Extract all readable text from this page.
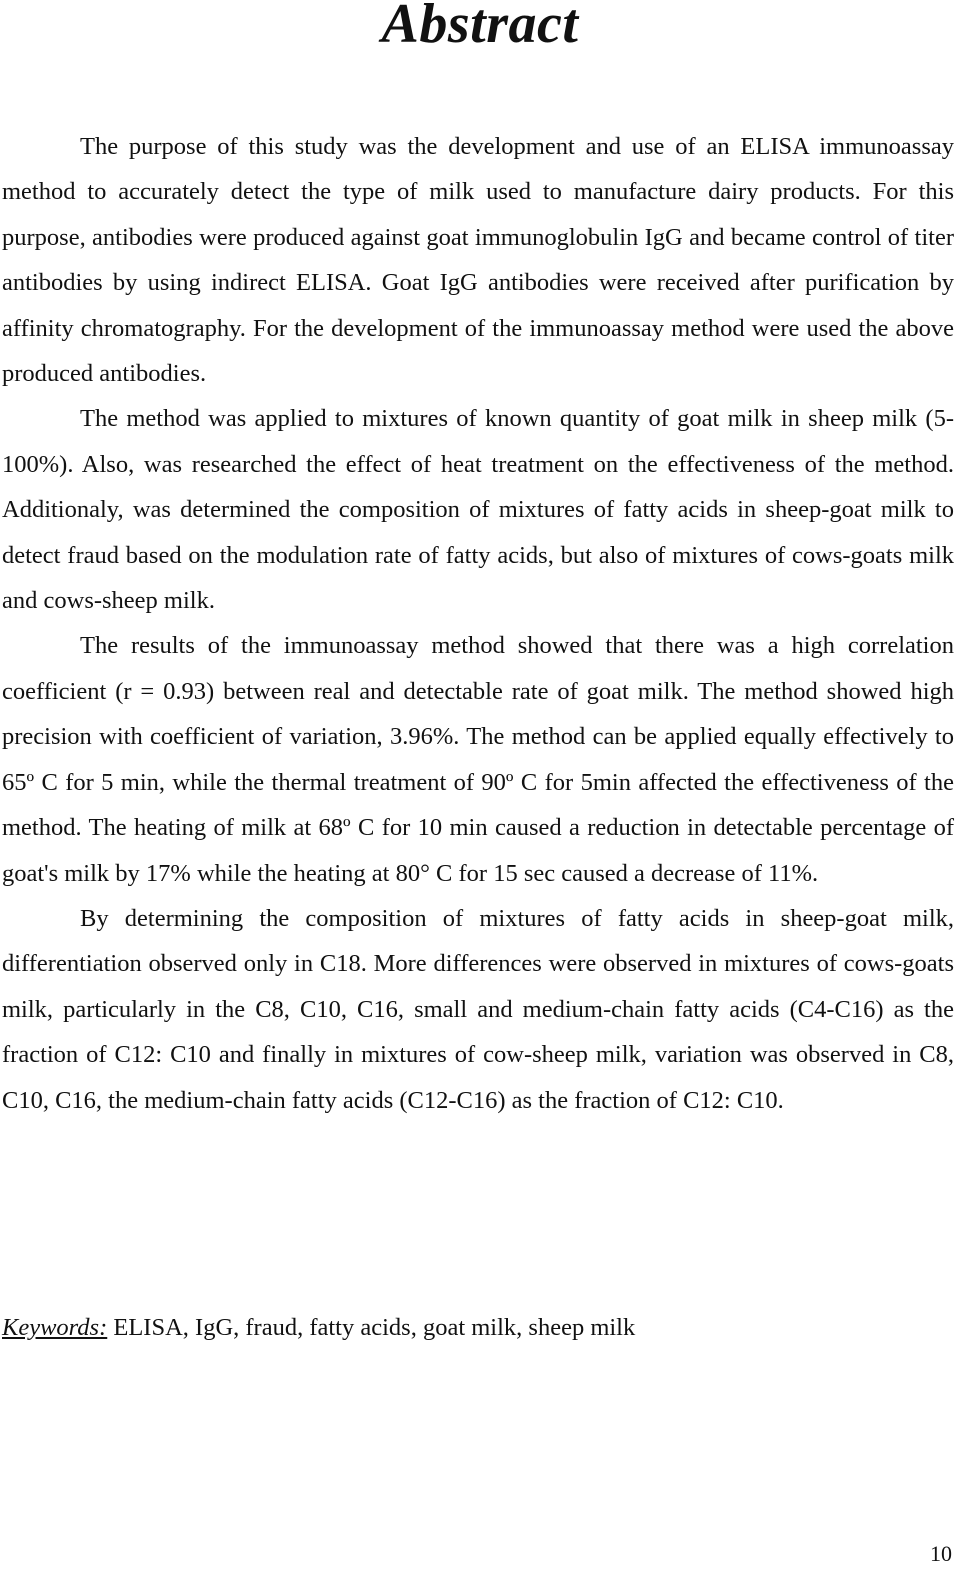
Abstract

The purpose of this study was the development and use of an ELISA immunoassay method to accurately detect the type of milk used to manufacture dairy products. For this purpose, antibodies were produced against goat immunoglobulin IgG and became control of titer antibodies by using indirect ELISA. Goat IgG antibodies were received after purification by affinity chromatography. For the development of the immunoassay method were used the above produced antibodies.

The method was applied to mixtures of known quantity of goat milk in sheep milk (5-100%). Also, was researched the effect of heat treatment on the effectiveness of the method. Additionaly, was determined the composition of mixtures of fatty acids in sheep-goat milk to detect fraud based on the modulation rate of fatty acids, but also of mixtures of cows-goats milk and cows-sheep milk.

The results of the immunoassay method showed that there was a high correlation coefficient (r = 0.93) between real and detectable rate of goat milk. The method showed high precision with coefficient of variation, 3.96%. The method can be applied equally effectively to 65º C for 5 min, while the thermal treatment of 90º C for 5min affected the effectiveness of the method. The heating of milk at 68º C for 10 min caused a reduction in detectable percentage of goat's milk by 17% while the heating at 80° C for 15 sec caused a decrease of 11%.

By determining the composition of mixtures of fatty acids in sheep-goat milk, differentiation observed only in C18. More differences were observed in mixtures of cows-goats milk, particularly in the C8, C10, C16, small and medium-chain fatty acids (C4-C16) as the fraction of C12: C10 and finally in mixtures of cow-sheep milk, variation was observed in C8, C10, C16, the medium-chain fatty acids (C12-C16) as the fraction of C12: C10.

Keywords: ELISA, IgG, fraud, fatty acids, goat milk, sheep milk

10
